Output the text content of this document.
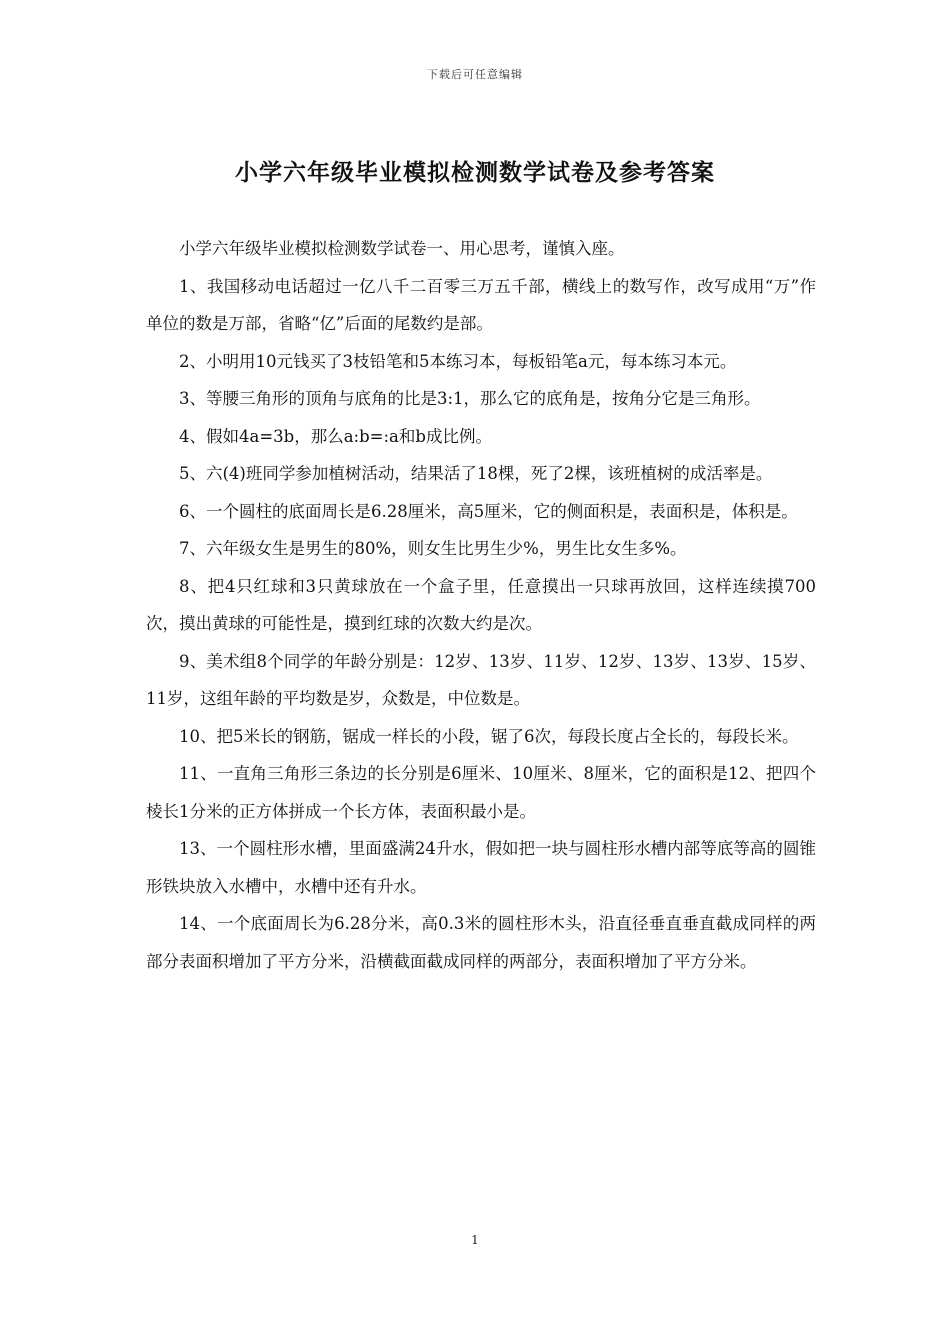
下载后可任意编辑
小学六年级毕业模拟检测数学试卷及参考答案

小学六年级毕业模拟检测数学试卷一、用心思考，谨慎入座。

1、我国移动电话超过一亿八千二百零三万五千部，横线上的数写作，改写成用“万”作单位的数是万部，省略“亿”后面的尾数约是部。

2、小明用10元钱买了3枝铅笔和5本练习本，每板铅笔a元，每本练习本元。

3、等腰三角形的顶角与底角的比是3:1，那么它的底角是，按角分它是三角形。

4、假如4a=3b，那么a:b=:a和b成比例。

5、六(4)班同学参加植树活动，结果活了18棵，死了2棵，该班植树的成活率是。

6、一个圆柱的底面周长是6.28厘米，高5厘米，它的侧面积是，表面积是，体积是。

7、六年级女生是男生的80%，则女生比男生少%，男生比女生多%。

8、把4只红球和3只黄球放在一个盒子里，任意摸出一只球再放回，这样连续摸700次，摸出黄球的可能性是，摸到红球的次数大约是次。

9、美术组8个同学的年龄分别是：12岁、13岁、11岁、12岁、13岁、13岁、15岁、11岁，这组年龄的平均数是岁，众数是，中位数是。

10、把5米长的钢筋，锯成一样长的小段，锯了6次，每段长度占全长的，每段长米。

11、一直角三角形三条边的长分别是6厘米、10厘米、8厘米，它的面积是12、把四个棱长1分米的正方体拼成一个长方体，表面积最小是。

13、一个圆柱形水槽，里面盛满24升水，假如把一块与圆柱形水槽内部等底等高的圆锥形铁块放入水槽中，水槽中还有升水。

14、一个底面周长为6.28分米，高0.3米的圆柱形木头，沿直径垂直垂直截成同样的两部分表面积增加了平方分米，沿横截面截成同样的两部分，表面积增加了平方分米。

1
